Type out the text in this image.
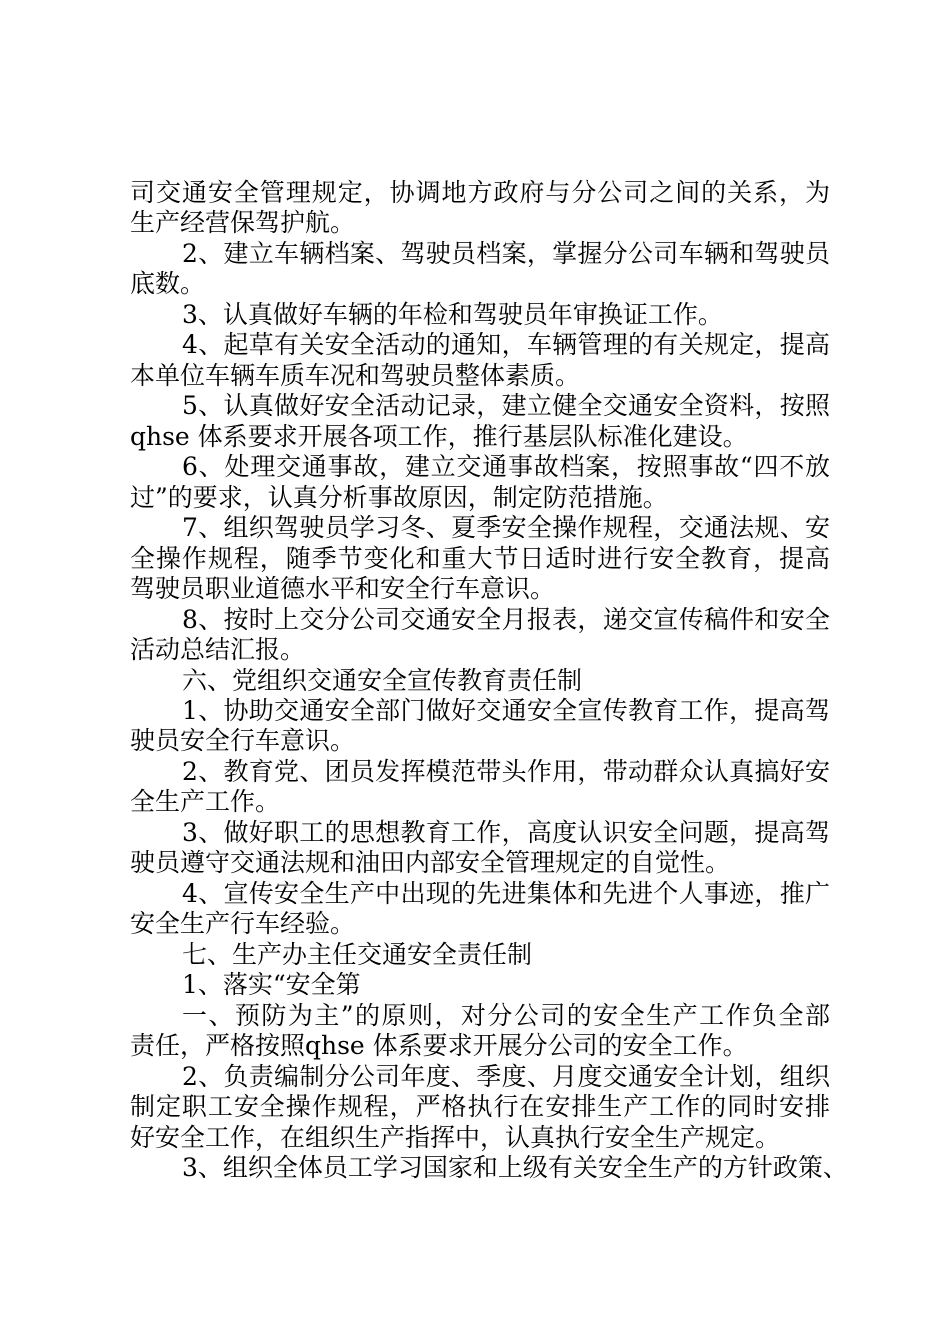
司交通安全管理规定，协调地方政府与分公司之间的关系，为
生产经营保驾护航。
2、建立车辆档案、驾驶员档案，掌握分公司车辆和驾驶员
底数。
3、认真做好车辆的年检和驾驶员年审换证工作。
4、起草有关安全活动的通知，车辆管理的有关规定，提高
本单位车辆车质车况和驾驶员整体素质。
5、认真做好安全活动记录，建立健全交通安全资料，按照
qhse 体系要求开展各项工作，推行基层队标准化建设。
6、处理交通事故，建立交通事故档案，按照事故“四不放
过”的要求，认真分析事故原因，制定防范措施。
7、组织驾驶员学习冬、夏季安全操作规程，交通法规、安
全操作规程，随季节变化和重大节日适时进行安全教育，提高
驾驶员职业道德水平和安全行车意识。
8、按时上交分公司交通安全月报表，递交宣传稿件和安全
活动总结汇报。
六、党组织交通安全宣传教育责任制
1、协助交通安全部门做好交通安全宣传教育工作，提高驾
驶员安全行车意识。
2、教育党、团员发挥模范带头作用，带动群众认真搞好安
全生产工作。
3、做好职工的思想教育工作，高度认识安全问题，提高驾
驶员遵守交通法规和油田内部安全管理规定的自觉性。
4、宣传安全生产中出现的先进集体和先进个人事迹，推广
安全生产行车经验。
七、生产办主任交通安全责任制
1、落实“安全第
一、预防为主”的原则，对分公司的安全生产工作负全部
责任，严格按照qhse 体系要求开展分公司的安全工作。
2、负责编制分公司年度、季度、月度交通安全计划，组织
制定职工安全操作规程，严格执行在安排生产工作的同时安排
好安全工作，在组织生产指挥中，认真执行安全生产规定。
3、组织全体员工学习国家和上级有关安全生产的方针政策、
